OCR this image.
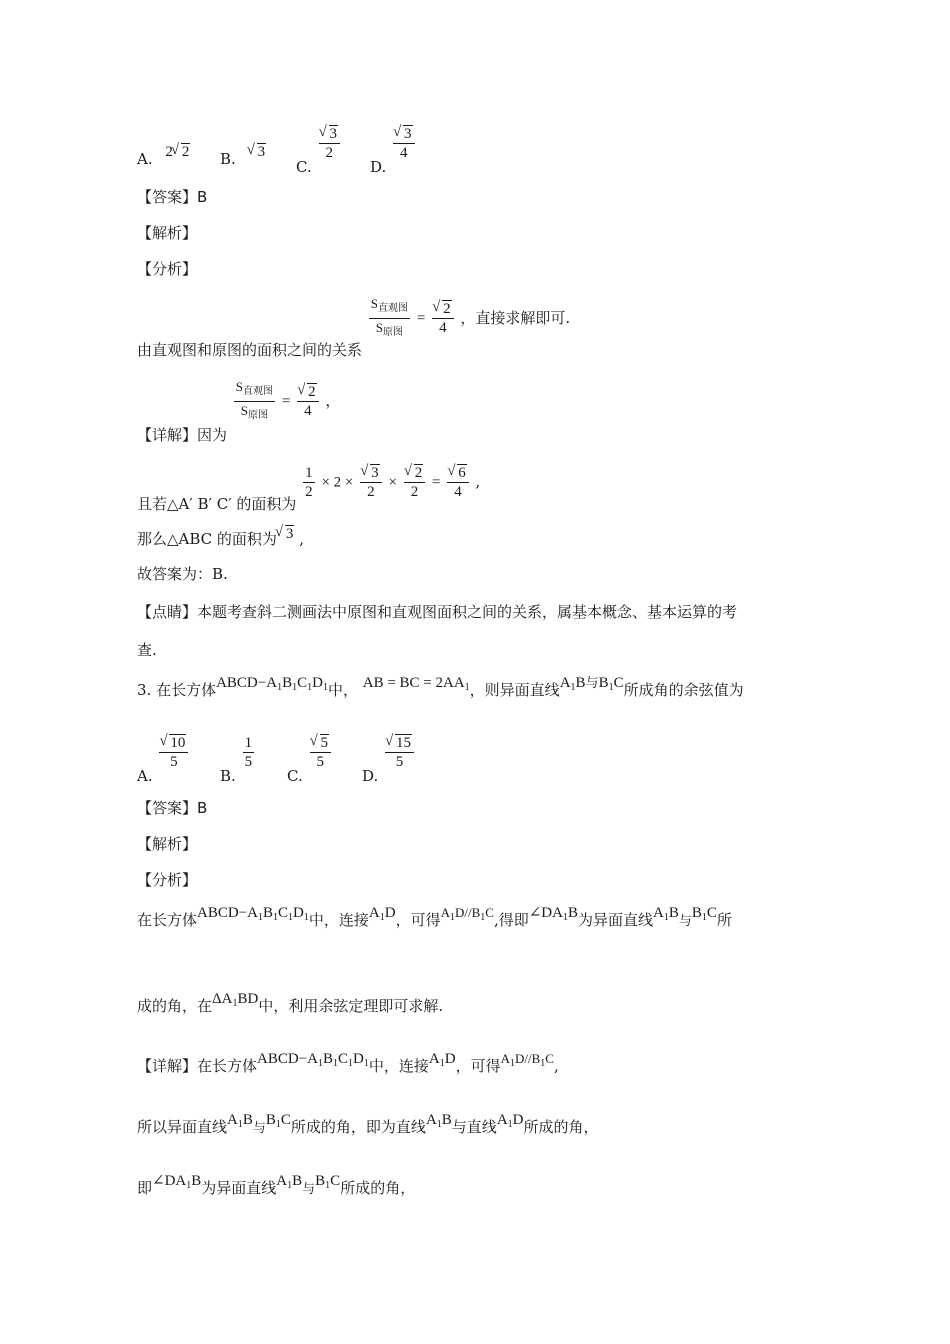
A. 2 √ 2 B. √ 3
C.
√ $\frac{3}{2}$
D.
√ $\frac{3}{4}$
【答案】B
【解析】
【分析】
由直观图和原图的面积之间的关系
$\frac{S_{直观图}}{S_{原图}}$ = √ $\frac{2}{4}$ ，直接求解即可.
【详解】因为
$\frac{S_{直观图}}{S_{原图}}$ = √ $\frac{2}{4}$ ，
且若△A′ B′ C′ 的面积为
$\frac{1}{2} \times 2$ × √ $\frac{3}{2}$ × √ $\frac{2}{2}$ = √ $\frac{6}{4}$ ,
那么△ABC 的面积为 √ 3 ,
故答案为：B.
【点睛】本题考查斜二测画法中原图和直观图面积之间的关系，属基本概念、基本运算的考
查.
3. 在长方体$ABCD-A_1B_1C_1D_1$中， AB = BC = $2AA_1$，则异面直线$A_1B$与$B_1C$所成角的余弦值为
A.
√ $\frac{10}{5}$
B.
$\frac{1}{5}$
C.
√ $\frac{5}{5}$
D.
√ $\frac{15}{5}$
【答案】B
【解析】
【分析】
在长方体$ABCD-A_1B_1C_1D_1$中，连接$A_1D$，可得$A_1D//B_1C$,得即$\angle DA_1B$为异面直线$A_1B$与$B_1C$所
成的角，在$\Delta A_1BD$中，利用余弦定理即可求解.
【详解】在长方体$ABCD-A_1B_1C_1D_1$中，连接$A_1D$，可得$A_1D//B_1C$,
所以异面直线$A_1B$与$B_1C$所成的角，即为直线$A_1B$与直线$A_1D$所成的角，
即$\angle DA_1B$为异面直线$A_1B$与$B_1C$所成的角，
